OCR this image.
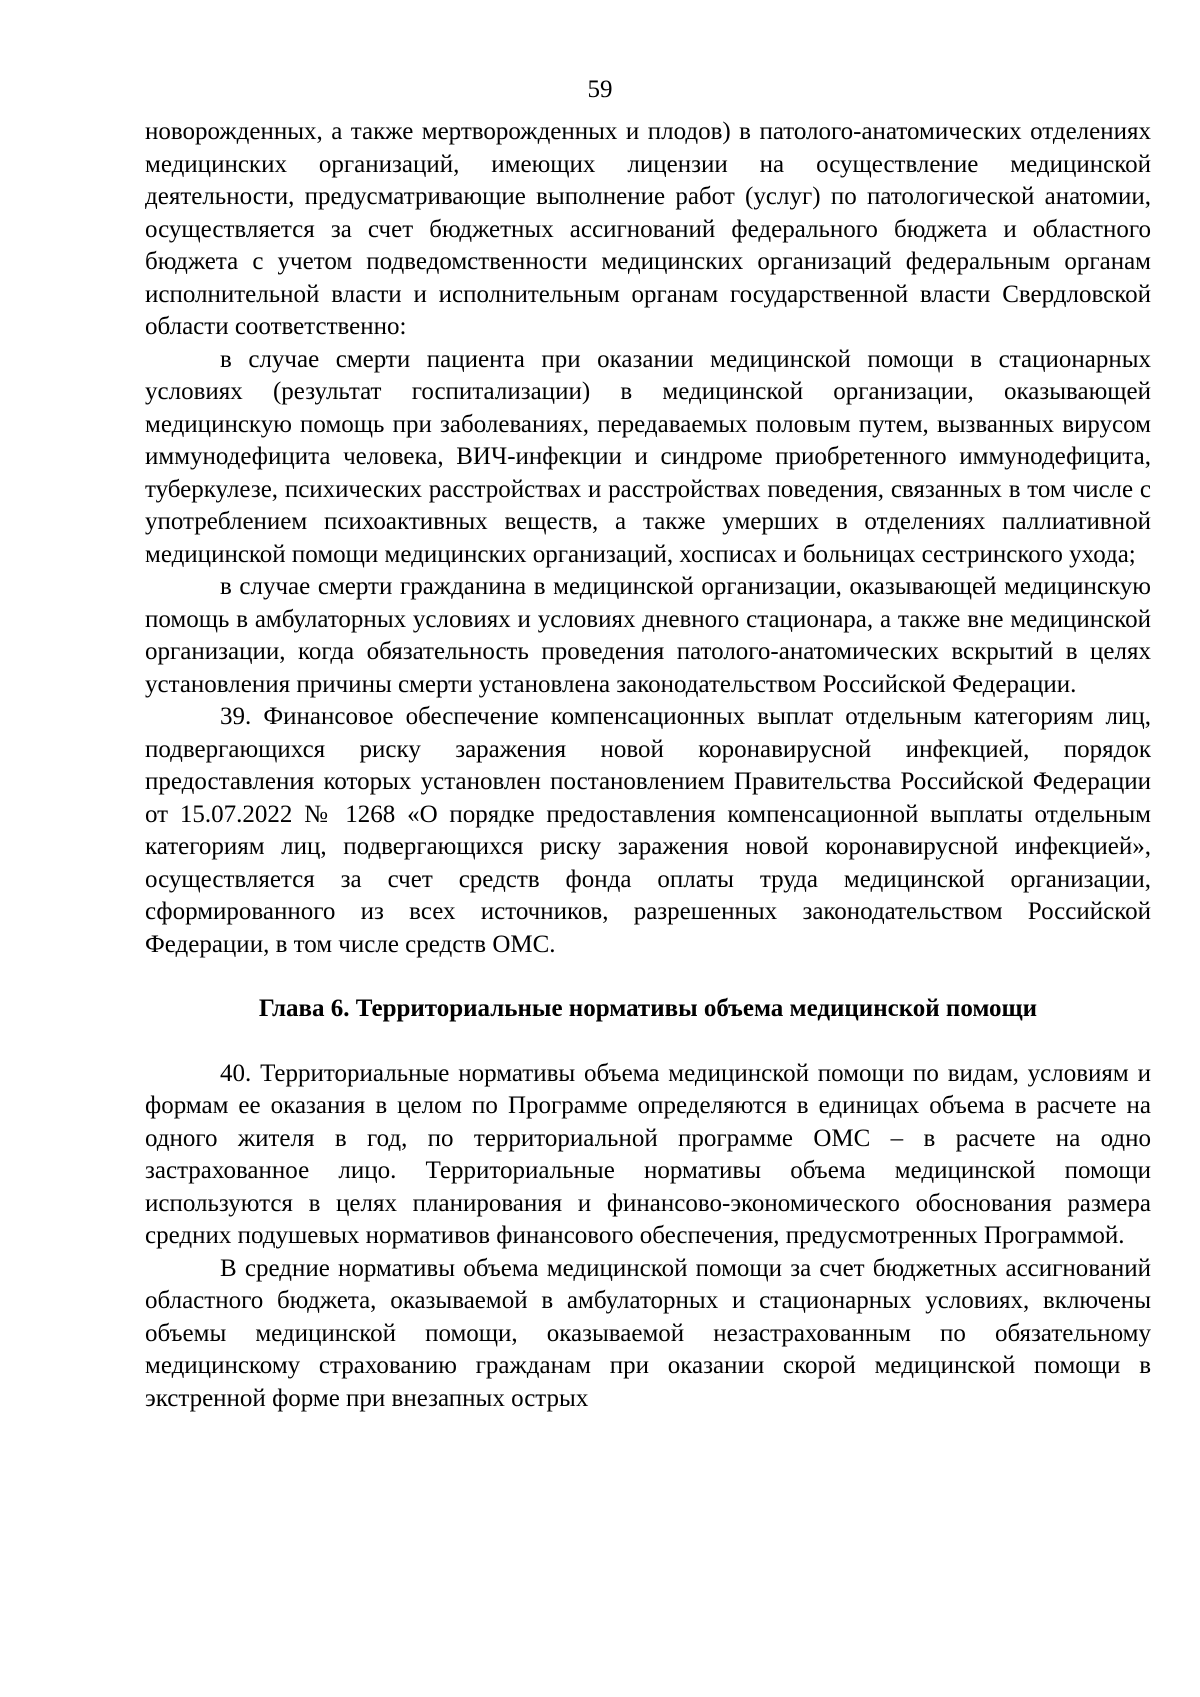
59

новорожденных, а также мертворожденных и плодов) в патолого-анатомических отделениях медицинских организаций, имеющих лицензии на осуществление медицинской деятельности, предусматривающие выполнение работ (услуг) по патологической анатомии, осуществляется за счет бюджетных ассигнований федерального бюджета и областного бюджета с учетом подведомственности медицинских организаций федеральным органам исполнительной власти и исполнительным органам государственной власти Свердловской области соответственно:

в случае смерти пациента при оказании медицинской помощи в стационарных условиях (результат госпитализации) в медицинской организации, оказывающей медицинскую помощь при заболеваниях, передаваемых половым путем, вызванных вирусом иммунодефицита человека, ВИЧ-инфекции и синдроме приобретенного иммунодефицита, туберкулезе, психических расстройствах и расстройствах поведения, связанных в том числе с употреблением психоактивных веществ, а также умерших в отделениях паллиативной медицинской помощи медицинских организаций, хосписах и больницах сестринского ухода;

в случае смерти гражданина в медицинской организации, оказывающей медицинскую помощь в амбулаторных условиях и условиях дневного стационара, а также вне медицинской организации, когда обязательность проведения патолого-анатомических вскрытий в целях установления причины смерти установлена законодательством Российской Федерации.

39. Финансовое обеспечение компенсационных выплат отдельным категориям лиц, подвергающихся риску заражения новой коронавирусной инфекцией, порядок предоставления которых установлен постановлением Правительства Российской Федерации от 15.07.2022 № 1268 «О порядке предоставления компенсационной выплаты отдельным категориям лиц, подвергающихся риску заражения новой коронавирусной инфекцией», осуществляется за счет средств фонда оплаты труда медицинской организации, сформированного из всех источников, разрешенных законодательством Российской Федерации, в том числе средств ОМС.

Глава 6. Территориальные нормативы объема медицинской помощи

40. Территориальные нормативы объема медицинской помощи по видам, условиям и формам ее оказания в целом по Программе определяются в единицах объема в расчете на одного жителя в год, по территориальной программе ОМС – в расчете на одно застрахованное лицо. Территориальные нормативы объема медицинской помощи используются в целях планирования и финансово-экономического обоснования размера средних подушевых нормативов финансового обеспечения, предусмотренных Программой.

В средние нормативы объема медицинской помощи за счет бюджетных ассигнований областного бюджета, оказываемой в амбулаторных и стационарных условиях, включены объемы медицинской помощи, оказываемой незастрахованным по обязательному медицинскому страхованию гражданам при оказании скорой медицинской помощи в экстренной форме при внезапных острых
